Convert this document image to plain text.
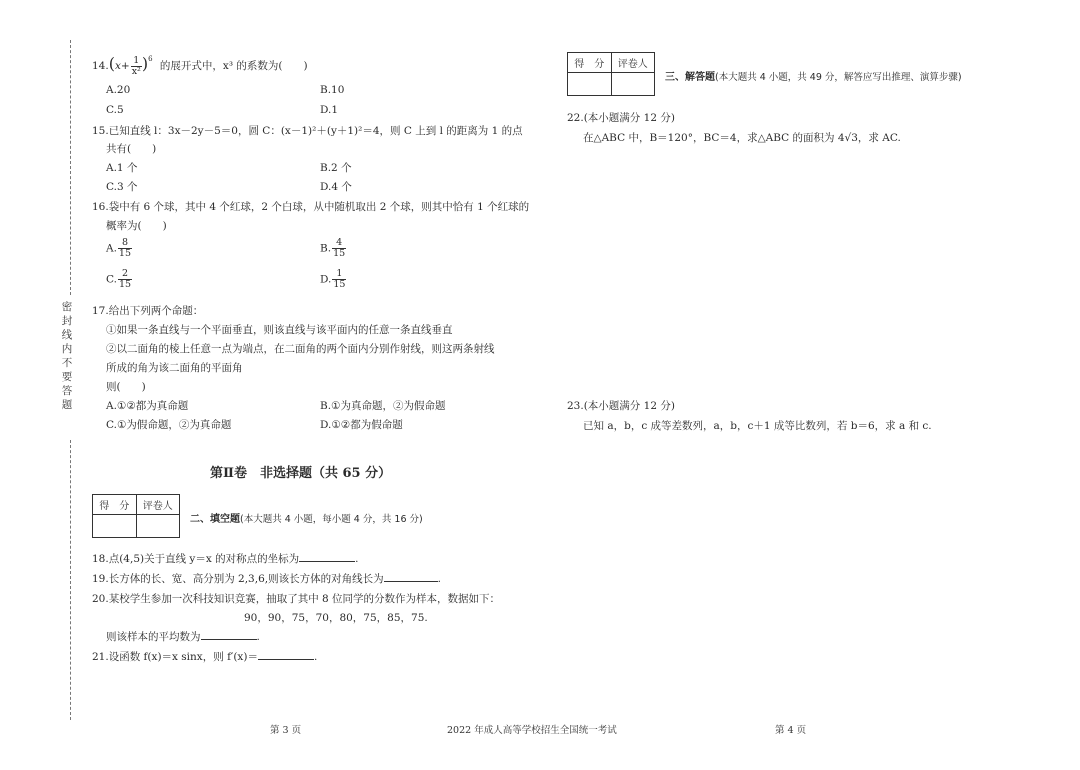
密封线内不要答题
$14.(x+ \frac{1}{\text{x²}} )^6$ 的展开式中，x³ 的系数为(　　)
A.20	B.10
C.5	D.1
15.已知直线 l：3x－2y－5＝0，圆 C：(x－1)²＋(y＋1)²＝4，则 C 上到 l 的距离为 1 的点
共有(　　)
A.1 个	B.2 个
C.3 个	D.4 个
16.袋中有 6 个球，其中 4 个红球，2 个白球，从中随机取出 2 个球，则其中恰有 1 个红球的
概率为(　　)
A. $\frac{8}{15}$	B. $\frac{4}{15}$
C. $\frac{2}{15}$	D. $\frac{1}{15}$
17.给出下列两个命题：
①如果一条直线与一个平面垂直，则该直线与该平面内的任意一条直线垂直
②以二面角的棱上任意一点为端点，在二面角的两个面内分别作射线，则这两条射线
所成的角为该二面角的平面角
则(　　)
A.①②都为真命题	B.①为真命题，②为假命题
C.①为假命题，②为真命题	D.①②都为假命题
第Ⅱ卷　非选择题（共 65 分）
得　分	评卷人

二、填空题(本大题共 4 小题，每小题 4 分，共 16 分)
18.点(4,5)关于直线 y＝x 的对称点的坐标为	.
19.长方体的长、宽、高分别为 2,3,6,则该长方体的对角线长为	.
20.某校学生参加一次科技知识竞赛，抽取了其中 8 位同学的分数作为样本，数据如下：
90，90，75，70，80，75，85，75.
则该样本的平均数为	.
21.设函数 f(x)＝x sinx，则 f′(x)＝	.
得　分	评卷人

三、解答题(本大题共 4 小题，共 49 分，解答应写出推理、演算步骤)
22.(本小题满分 12 分)
在△ABC 中，B＝120°，BC＝4，求△ABC 的面积为 4√3，求 AC.
23.(本小题满分 12 分)
已知 a，b，c 成等差数列，a，b，c＋1 成等比数列，若 b＝6，求 a 和 c.
第 3 页	2022 年成人高等学校招生全国统一考试	第 4 页
